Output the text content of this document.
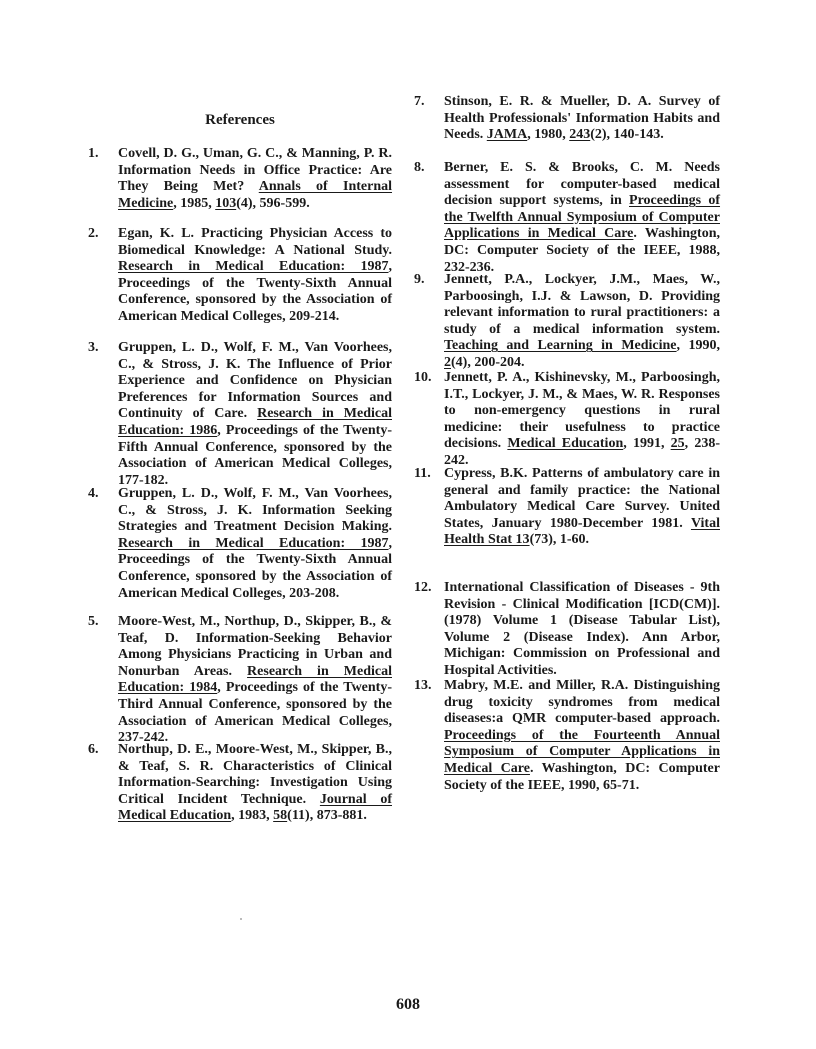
References
1.	Covell, D. G., Uman, G. C., & Manning, P. R. Information Needs in Office Practice: Are They Being Met? Annals of Internal Medicine, 1985, 103(4), 596-599.
2.	Egan, K. L. Practicing Physician Access to Biomedical Knowledge: A National Study. Research in Medical Education: 1987, Proceedings of the Twenty-Sixth Annual Conference, sponsored by the Association of American Medical Colleges, 209-214.
3.	Gruppen, L. D., Wolf, F. M., Van Voorhees, C., & Stross, J. K. The Influence of Prior Experience and Confidence on Physician Preferences for Information Sources and Continuity of Care. Research in Medical Education: 1986, Proceedings of the Twenty-Fifth Annual Conference, sponsored by the Association of American Medical Colleges, 177-182.
4.	Gruppen, L. D., Wolf, F. M., Van Voorhees, C., & Stross, J. K. Information Seeking Strategies and Treatment Decision Making. Research in Medical Education: 1987, Proceedings of the Twenty-Sixth Annual Conference, sponsored by the Association of American Medical Colleges, 203-208.
5.	Moore-West, M., Northup, D., Skipper, B., & Teaf, D. Information-Seeking Behavior Among Physicians Practicing in Urban and Nonurban Areas. Research in Medical Education: 1984, Proceedings of the Twenty-Third Annual Conference, sponsored by the Association of American Medical Colleges, 237-242.
6.	Northup, D. E., Moore-West, M., Skipper, B., & Teaf, S. R. Characteristics of Clinical Information-Searching: Investigation Using Critical Incident Technique. Journal of Medical Education, 1983, 58(11), 873-881.
7.	Stinson, E. R. & Mueller, D. A. Survey of Health Professionals' Information Habits and Needs. JAMA, 1980, 243(2), 140-143.
8.	Berner, E. S. & Brooks, C. M. Needs assessment for computer-based medical decision support systems, in Proceedings of the Twelfth Annual Symposium of Computer Applications in Medical Care. Washington, DC: Computer Society of the IEEE, 1988, 232-236.
9.	Jennett, P.A., Lockyer, J.M., Maes, W., Parboosingh, I.J. & Lawson, D. Providing relevant information to rural practitioners: a study of a medical information system. Teaching and Learning in Medicine, 1990, 2(4), 200-204.
10. Jennett, P. A., Kishinevsky, M., Parboosingh, I.T., Lockyer, J. M., & Maes, W. R. Responses to non-emergency questions in rural medicine: their usefulness to practice decisions. Medical Education, 1991, 25, 238-242.
11. Cypress, B.K. Patterns of ambulatory care in general and family practice: the National Ambulatory Medical Care Survey. United States, January 1980-December 1981. Vital Health Stat 13(73), 1-60.
12. International Classification of Diseases - 9th Revision - Clinical Modification [ICD(CM)]. (1978) Volume 1 (Disease Tabular List), Volume 2 (Disease Index). Ann Arbor, Michigan: Commission on Professional and Hospital Activities.
13. Mabry, M.E. and Miller, R.A. Distinguishing drug toxicity syndromes from medical diseases:a QMR computer-based approach. Proceedings of the Fourteenth Annual Symposium of Computer Applications in Medical Care. Washington, DC: Computer Society of the IEEE, 1990, 65-71.
608
